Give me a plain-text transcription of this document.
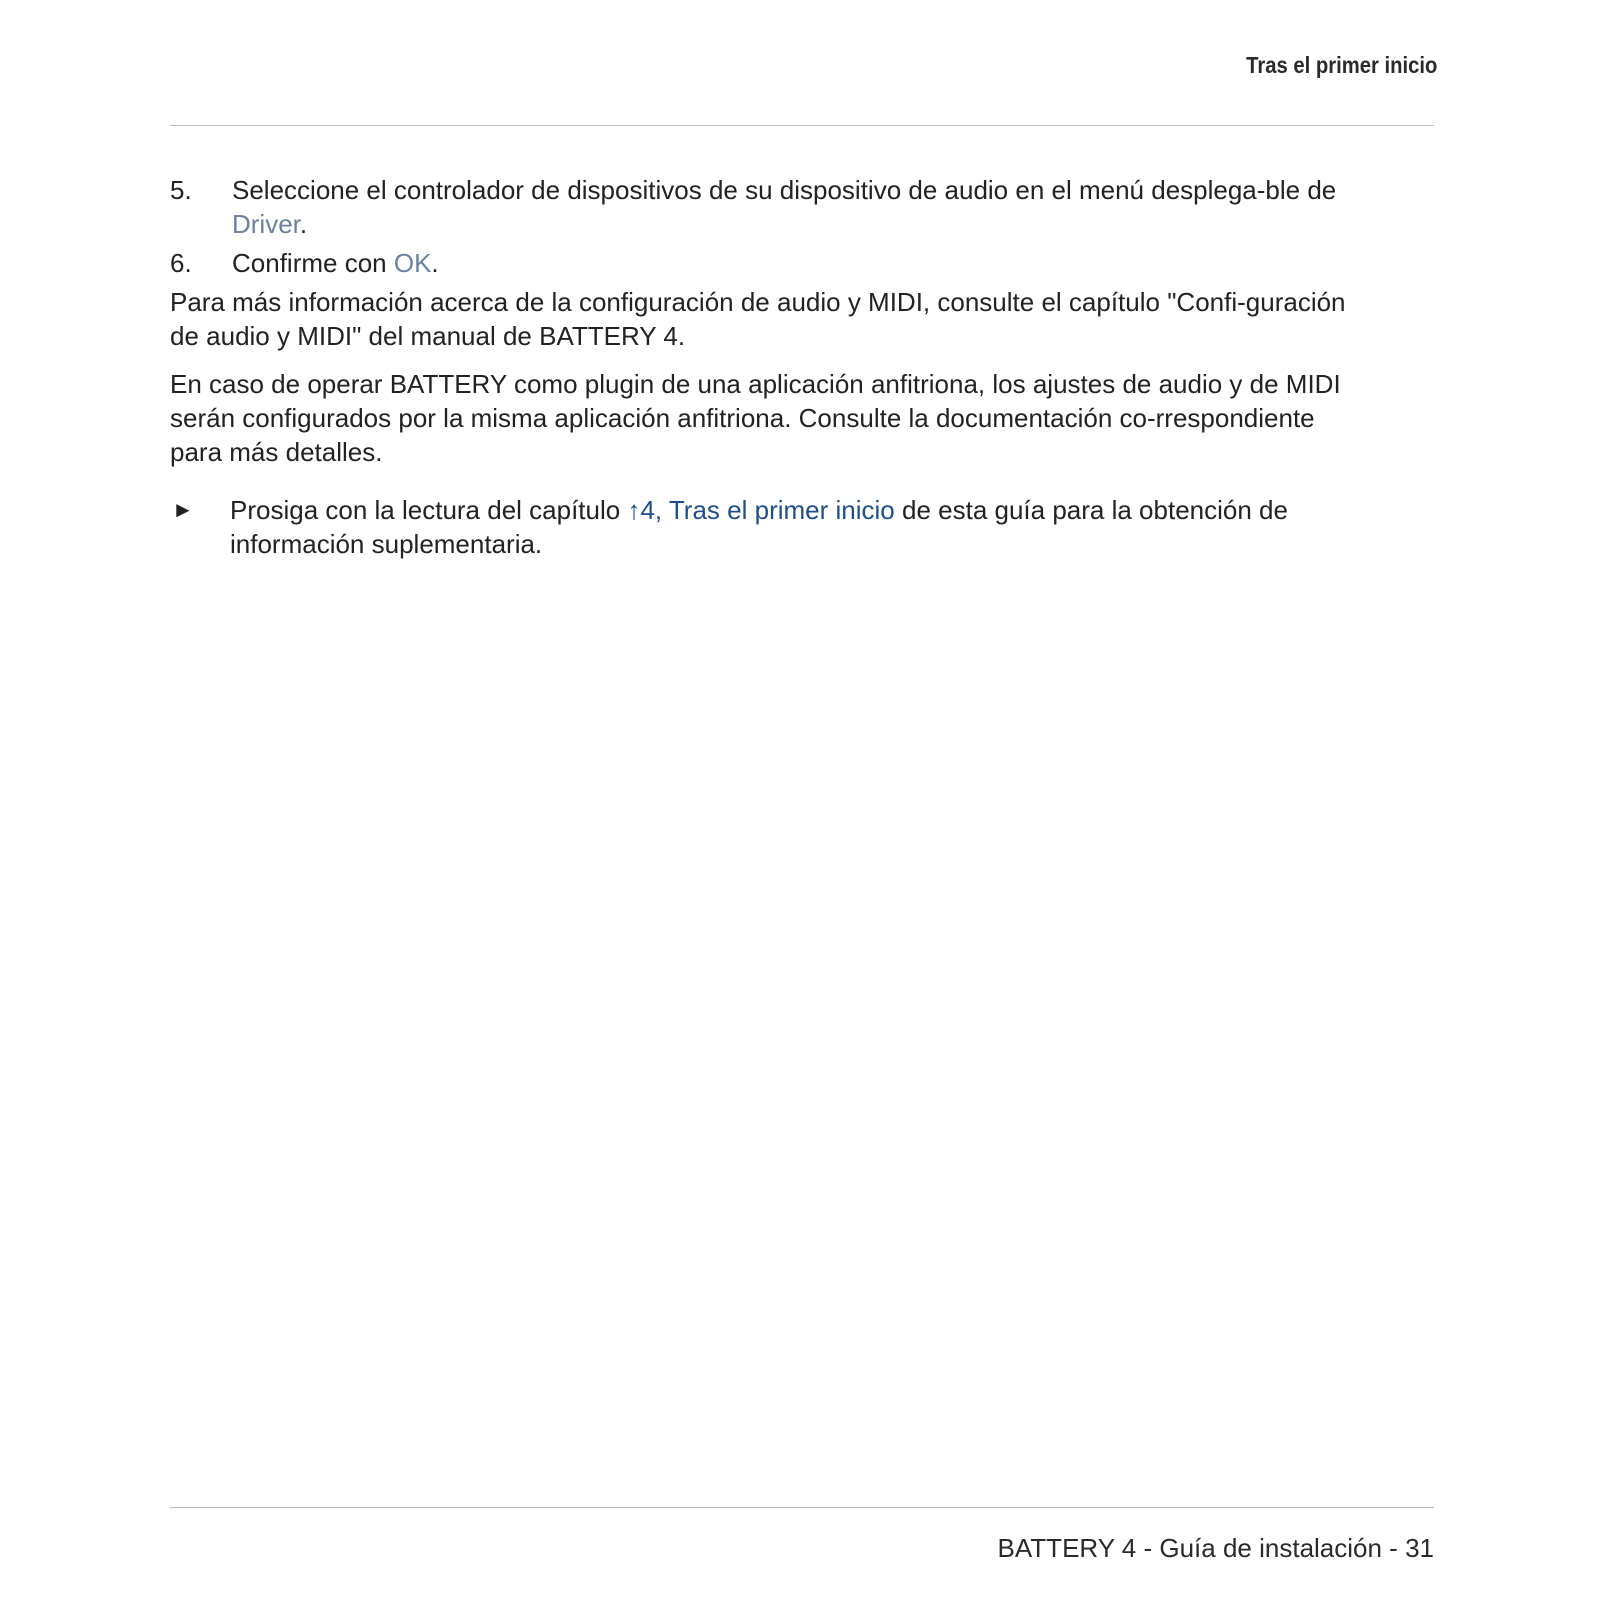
Tras el primer inicio
5. Seleccione el controlador de dispositivos de su dispositivo de audio en el menú desplega-ble de Driver.
6. Confirme con OK.

Para más información acerca de la configuración de audio y MIDI, consulte el capítulo "Confi-guración de audio y MIDI" del manual de BATTERY 4.

En caso de operar BATTERY como plugin de una aplicación anfitriona, los ajustes de audio y de MIDI serán configurados por la misma aplicación anfitriona. Consulte la documentación co-rrespondiente para más detalles.

► Prosiga con la lectura del capítulo ↑4, Tras el primer inicio de esta guía para la obtención de información suplementaria.
BATTERY 4 - Guía de instalación - 31
